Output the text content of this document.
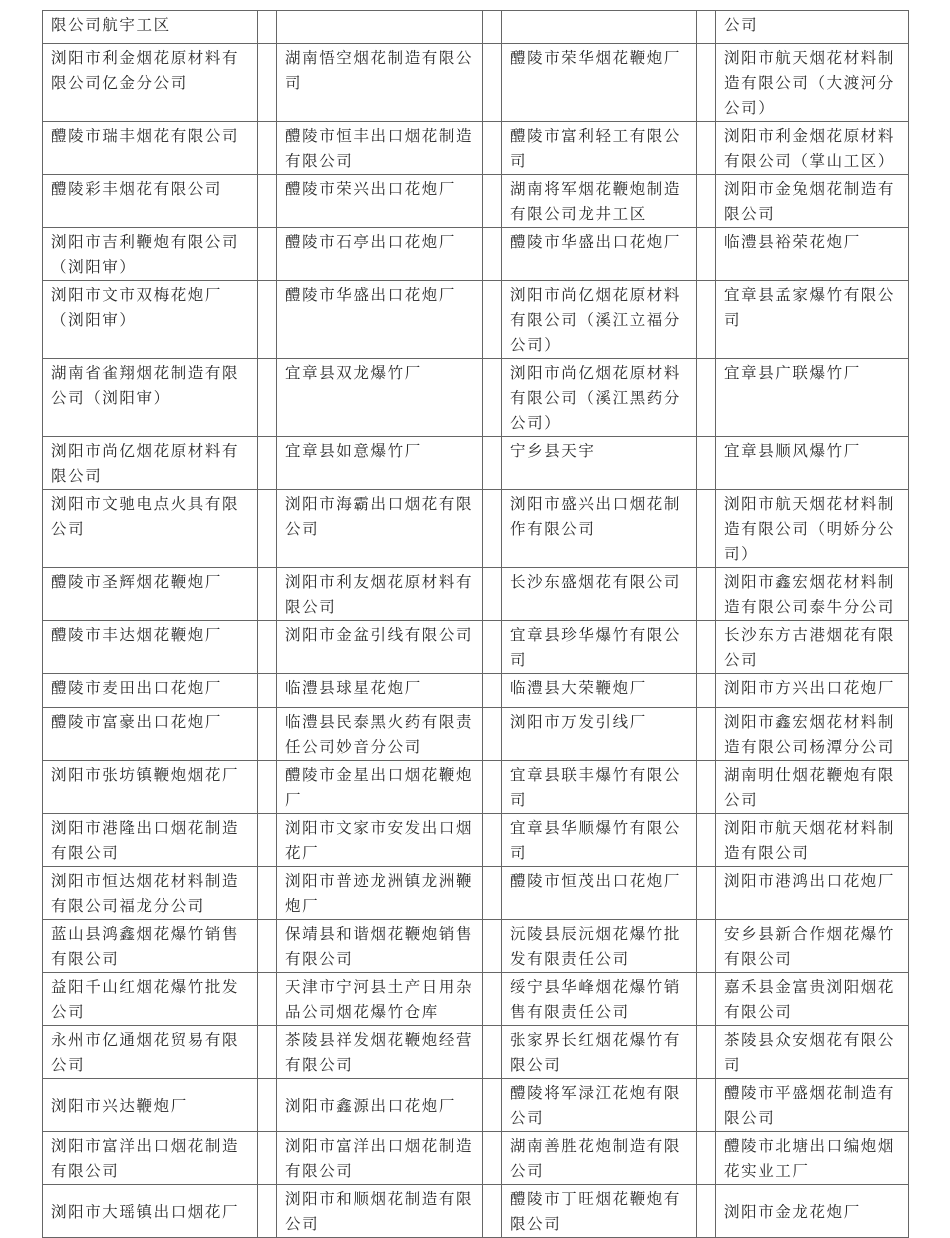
限公司航宇工区						公司
浏阳市利金烟花原材料有限公司亿金分公司		湖南悟空烟花制造有限公司		醴陵市荣华烟花鞭炮厂		浏阳市航天烟花材料制造有限公司（大渡河分公司）
醴陵市瑞丰烟花有限公司		醴陵市恒丰出口烟花制造有限公司		醴陵市富利轻工有限公司		浏阳市利金烟花原材料有限公司（掌山工区）
醴陵彩丰烟花有限公司		醴陵市荣兴出口花炮厂		湖南将军烟花鞭炮制造有限公司龙井工区		浏阳市金兔烟花制造有限公司
浏阳市吉利鞭炮有限公司（浏阳审）		醴陵市石亭出口花炮厂		醴陵市华盛出口花炮厂		临澧县裕荣花炮厂
浏阳市文市双梅花炮厂（浏阳审）		醴陵市华盛出口花炮厂		浏阳市尚亿烟花原材料有限公司（溪江立福分公司）		宜章县孟家爆竹有限公司
湖南省雀翔烟花制造有限公司（浏阳审）		宜章县双龙爆竹厂		浏阳市尚亿烟花原材料有限公司（溪江黑药分公司）		宜章县广联爆竹厂
浏阳市尚亿烟花原材料有限公司		宜章县如意爆竹厂		宁乡县天宇		宜章县顺风爆竹厂
浏阳市文驰电点火具有限公司		浏阳市海霸出口烟花有限公司		浏阳市盛兴出口烟花制作有限公司		浏阳市航天烟花材料制造有限公司（明娇分公司）
醴陵市圣辉烟花鞭炮厂		浏阳市利友烟花原材料有限公司		长沙东盛烟花有限公司		浏阳市鑫宏烟花材料制造有限公司泰牛分公司
醴陵市丰达烟花鞭炮厂		浏阳市金盆引线有限公司		宜章县珍华爆竹有限公司		长沙东方古港烟花有限公司
醴陵市麦田出口花炮厂		临澧县球星花炮厂		临澧县大荣鞭炮厂		浏阳市方兴出口花炮厂
醴陵市富豪出口花炮厂		临澧县民泰黑火药有限责任公司妙音分公司		浏阳市万发引线厂		浏阳市鑫宏烟花材料制造有限公司杨潭分公司
浏阳市张坊镇鞭炮烟花厂		醴陵市金星出口烟花鞭炮厂		宜章县联丰爆竹有限公司		湖南明仕烟花鞭炮有限公司
浏阳市港隆出口烟花制造有限公司		浏阳市文家市安发出口烟花厂		宜章县华顺爆竹有限公司		浏阳市航天烟花材料制造有限公司
浏阳市恒达烟花材料制造有限公司福龙分公司		浏阳市普迹龙洲镇龙洲鞭炮厂		醴陵市恒茂出口花炮厂		浏阳市港鸿出口花炮厂
蓝山县鸿鑫烟花爆竹销售有限公司		保靖县和谐烟花鞭炮销售有限公司		沅陵县辰沅烟花爆竹批发有限责任公司		安乡县新合作烟花爆竹有限公司
益阳千山红烟花爆竹批发公司		天津市宁河县土产日用杂品公司烟花爆竹仓库		绥宁县华峰烟花爆竹销售有限责任公司		嘉禾县金富贵浏阳烟花有限公司
永州市亿通烟花贸易有限公司		茶陵县祥发烟花鞭炮经营有限公司		张家界长红烟花爆竹有限公司		茶陵县众安烟花有限公司
浏阳市兴达鞭炮厂		浏阳市鑫源出口花炮厂		醴陵将军渌江花炮有限公司		醴陵市平盛烟花制造有限公司
浏阳市富洋出口烟花制造有限公司		浏阳市富洋出口烟花制造有限公司		湖南善胜花炮制造有限公司		醴陵市北塘出口编炮烟花实业工厂
浏阳市大瑶镇出口烟花厂		浏阳市和顺烟花制造有限公司		醴陵市丁旺烟花鞭炮有限公司		浏阳市金龙花炮厂
